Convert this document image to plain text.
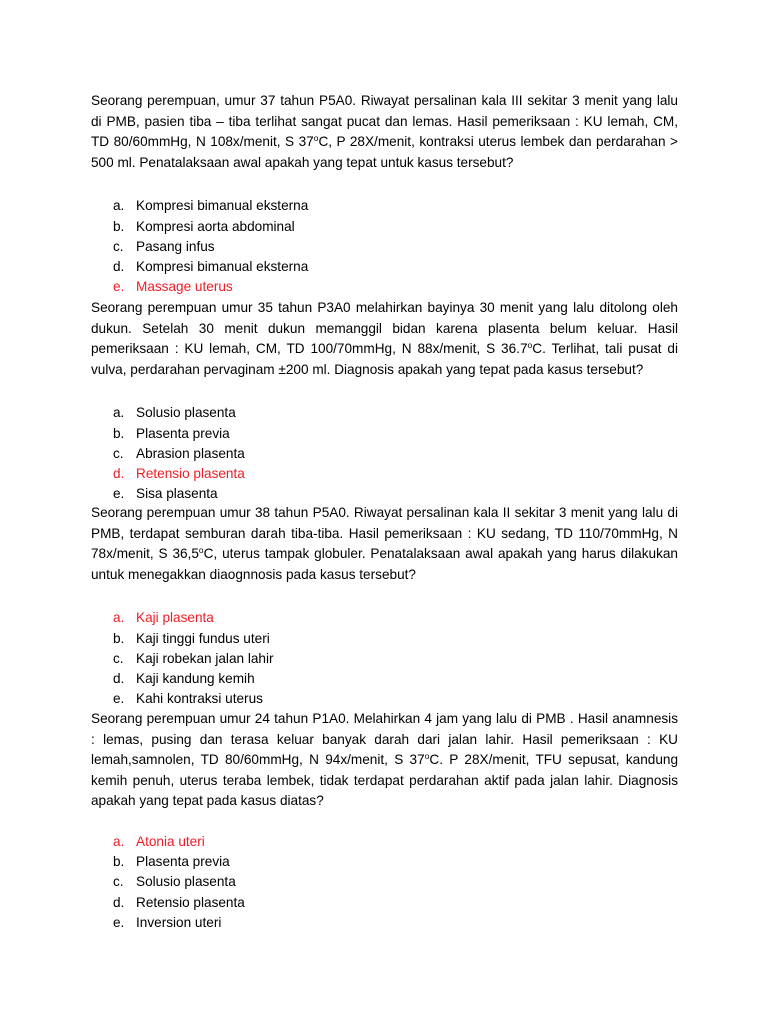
Seorang perempuan, umur 37 tahun P5A0. Riwayat persalinan kala III sekitar 3 menit yang lalu di PMB, pasien tiba – tiba terlihat sangat pucat dan lemas. Hasil pemeriksaan : KU lemah, CM, TD 80/60mmHg, N 108x/menit, S 37$^o$C, P 28X/menit, kontraksi uterus lembek dan perdarahan > 500 ml. Penatalaksaan awal apakah yang tepat untuk kasus tersebut?

a. Kompresi bimanual eksterna
b. Kompresi aorta abdominal
c. Pasang infus
d. Kompresi bimanual eksterna
e. Massage uterus

Seorang perempuan umur 35 tahun P3A0 melahirkan bayinya 30 menit yang lalu ditolong oleh dukun. Setelah 30 menit dukun memanggil bidan karena plasenta belum keluar. Hasil pemeriksaan : KU lemah, CM, TD 100/70mmHg, N 88x/menit, S 36.7$^o$C. Terlihat, tali pusat di vulva, perdarahan pervaginam ±200 ml. Diagnosis apakah yang tepat pada kasus tersebut?

a. Solusio plasenta
b. Plasenta previa
c. Abrasion plasenta
d. Retensio plasenta
e. Sisa plasenta

Seorang perempuan umur 38 tahun P5A0. Riwayat persalinan kala II sekitar 3 menit yang lalu di PMB, terdapat semburan darah tiba-tiba. Hasil pemeriksaan : KU sedang, TD 110/70mmHg, N 78x/menit, S 36,5$^o$C, uterus tampak globuler. Penatalaksaan awal apakah yang harus dilakukan untuk menegakkan diaognnosis pada kasus tersebut?

a. Kaji plasenta
b. Kaji tinggi fundus uteri
c. Kaji robekan jalan lahir
d. Kaji kandung kemih
e. Kahi kontraksi uterus

Seorang perempuan umur 24 tahun P1A0. Melahirkan 4 jam yang lalu di PMB . Hasil anamnesis : lemas, pusing dan terasa keluar banyak darah dari jalan lahir. Hasil pemeriksaan : KU lemah,samnolen, TD 80/60mmHg, N 94x/menit, S 37$^o$C. P 28X/menit, TFU sepusat, kandung kemih penuh, uterus teraba lembek, tidak terdapat perdarahan aktif pada jalan lahir. Diagnosis apakah yang tepat pada kasus diatas?

a. Atonia uteri
b. Plasenta previa
c. Solusio plasenta
d. Retensio plasenta
e. Inversion uteri
